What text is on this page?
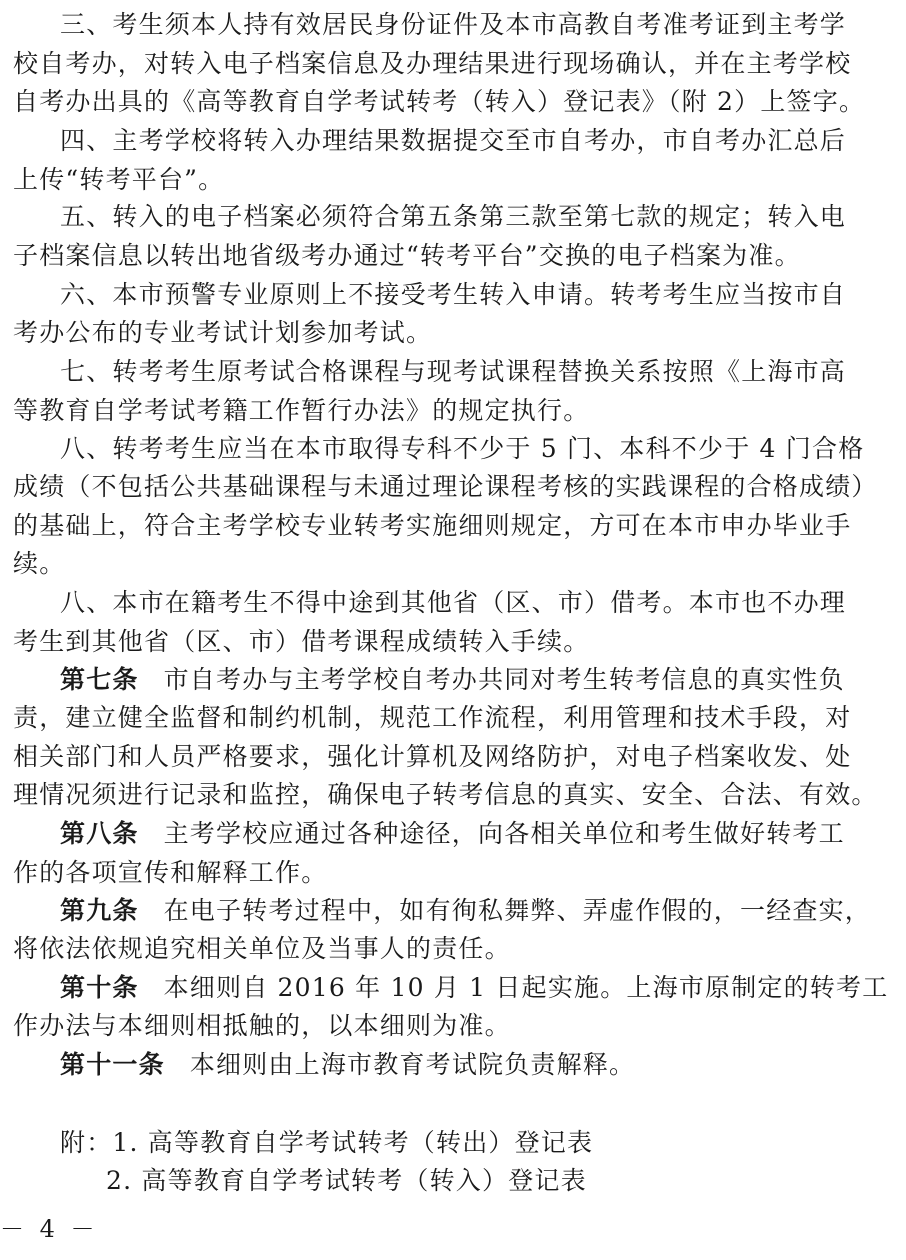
三、考生须本人持有效居民身份证件及本市高教自考准考证到主考学
校自考办，对转入电子档案信息及办理结果进行现场确认，并在主考学校
自考办出具的《高等教育自学考试转考（转入）登记表》（附 2）上签字。
四、主考学校将转入办理结果数据提交至市自考办，市自考办汇总后
上传“转考平台”。
五、转入的电子档案必须符合第五条第三款至第七款的规定；转入电
子档案信息以转出地省级考办通过“转考平台”交换的电子档案为准。
六、本市预警专业原则上不接受考生转入申请。转考考生应当按市自
考办公布的专业考试计划参加考试。
七、转考考生原考试合格课程与现考试课程替换关系按照《上海市高
等教育自学考试考籍工作暂行办法》的规定执行。
八、转考考生应当在本市取得专科不少于 5 门、本科不少于 4 门合格
成绩（不包括公共基础课程与未通过理论课程考核的实践课程的合格成绩）
的基础上，符合主考学校专业转考实施细则规定，方可在本市申办毕业手
续。
八、本市在籍考生不得中途到其他省（区、市）借考。本市也不办理
考生到其他省（区、市）借考课程成绩转入手续。
第七条 市自考办与主考学校自考办共同对考生转考信息的真实性负
责，建立健全监督和制约机制，规范工作流程，利用管理和技术手段，对
相关部门和人员严格要求，强化计算机及网络防护，对电子档案收发、处
理情况须进行记录和监控，确保电子转考信息的真实、安全、合法、有效。
第八条 主考学校应通过各种途径，向各相关单位和考生做好转考工
作的各项宣传和解释工作。
第九条 在电子转考过程中，如有徇私舞弊、弄虚作假的，一经查实，
将依法依规追究相关单位及当事人的责任。
第十条 本细则自 2016 年 10 月 1 日起实施。上海市原制定的转考工
作办法与本细则相抵触的，以本细则为准。
第十一条 本细则由上海市教育考试院负责解释。
附：1. 高等教育自学考试转考（转出）登记表
2. 高等教育自学考试转考（转入）登记表
－ 4 －
